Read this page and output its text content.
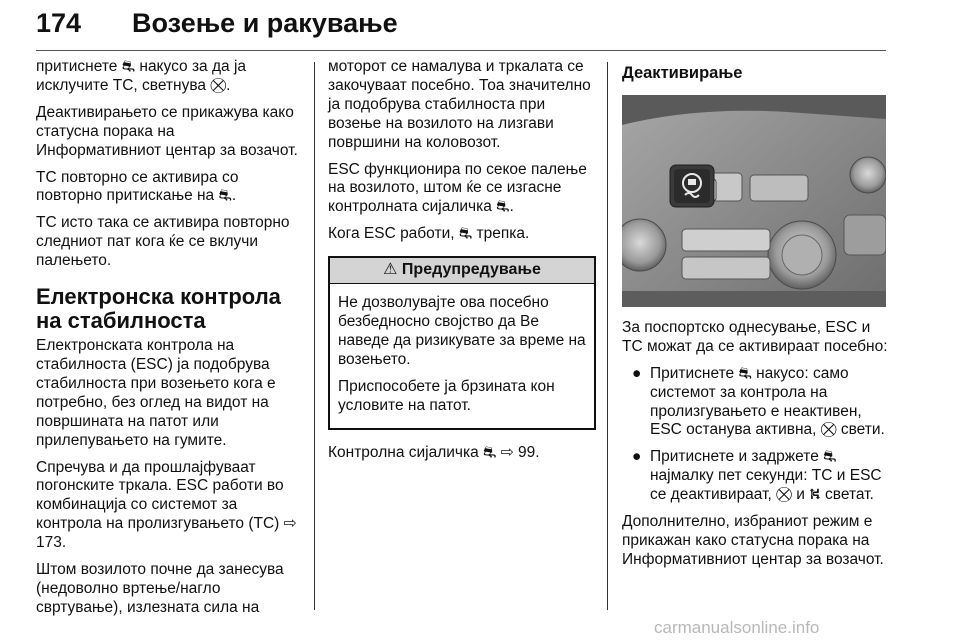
174 Возење и ракување

притиснете ⛐ накусо за да ја исклучите TC, светнува ⛒.

Деактивирањето се прикажува како статусна порака на Информативниот центар за возачот.

TC повторно се активира со повторно притискање на ⛐.

TC исто така се активира повторно следниот пат кога ќе се вклучи палењето.

Електронска контрола на стабилноста

Електронската контрола на стабилноста (ESC) ја подобрува стабилноста при возењето кога е потребно, без оглед на видот на површината на патот или прилепувањето на гумите.

Спречува и да прошлајфуваат погонските тркала. ESC работи во комбинација со системот за контрола на пролизгувањето (TC) ⇨ 173.

Штом возилото почне да занесува (недоволно вртење/нагло свртување), излезната сила на

моторот се намалува и тркалата се закочуваат посебно. Тоа значително ја подобрува стабилноста при возење на возилото на лизгави површини на коловозот.

ESC функционира по секое палење на возилото, штом ќе се изгасне контролната сијаличка ⛐.

Кога ESC работи, ⛐ трепка.

⚠ Предупредување

Не дозволувајте ова посебно безбедносно својство да Ве наведе да ризикувате за време на возењето.

Приспособете ја брзината кон условите на патот.

Контролна сијаличка ⛐ ⇨ 99.

Деактивирање

За поспортско однесување, ESC и TC можат да се активираат посебно:

● Притиснете ⛐ накусо: само системот за контрола на пролизгувањето е неактивен, ESC останува активна, ⛒ свети.
● Притиснете и задржете ⛐ најмалку пет секунди: TC и ESC се деактивираат, ⛒ и ⛕ светат.

Дополнително, избраниот режим е прикажан како статусна порака на Информативниот центар за возачот.

carmanualsonline.info
